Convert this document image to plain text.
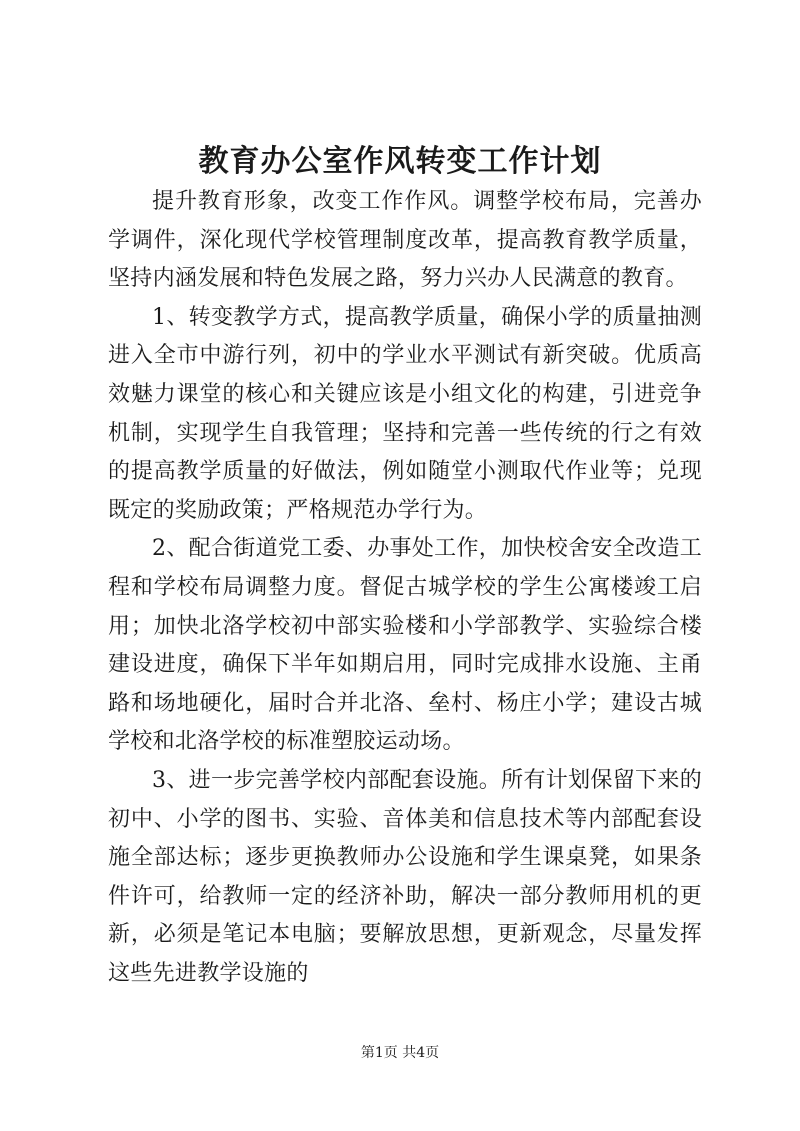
教育办公室作风转变工作计划

提升教育形象，改变工作作风。调整学校布局，完善办学调件，深化现代学校管理制度改革，提高教育教学质量，坚持内涵发展和特色发展之路，努力兴办人民满意的教育。

1、转变教学方式，提高教学质量，确保小学的质量抽测进入全市中游行列，初中的学业水平测试有新突破。优质高效魅力课堂的核心和关键应该是小组文化的构建，引进竞争机制，实现学生自我管理；坚持和完善一些传统的行之有效的提高教学质量的好做法，例如随堂小测取代作业等；兑现既定的奖励政策；严格规范办学行为。

2、配合街道党工委、办事处工作，加快校舍安全改造工程和学校布局调整力度。督促古城学校的学生公寓楼竣工启用；加快北洛学校初中部实验楼和小学部教学、实验综合楼建设进度，确保下半年如期启用，同时完成排水设施、主甬路和场地硬化，届时合并北洛、垒村、杨庄小学；建设古城学校和北洛学校的标准塑胶运动场。

3、进一步完善学校内部配套设施。所有计划保留下来的初中、小学的图书、实验、音体美和信息技术等内部配套设施全部达标；逐步更换教师办公设施和学生课桌凳，如果条件许可，给教师一定的经济补助，解决一部分教师用机的更新，必须是笔记本电脑；要解放思想，更新观念，尽量发挥这些先进教学设施的

第1页 共4页
